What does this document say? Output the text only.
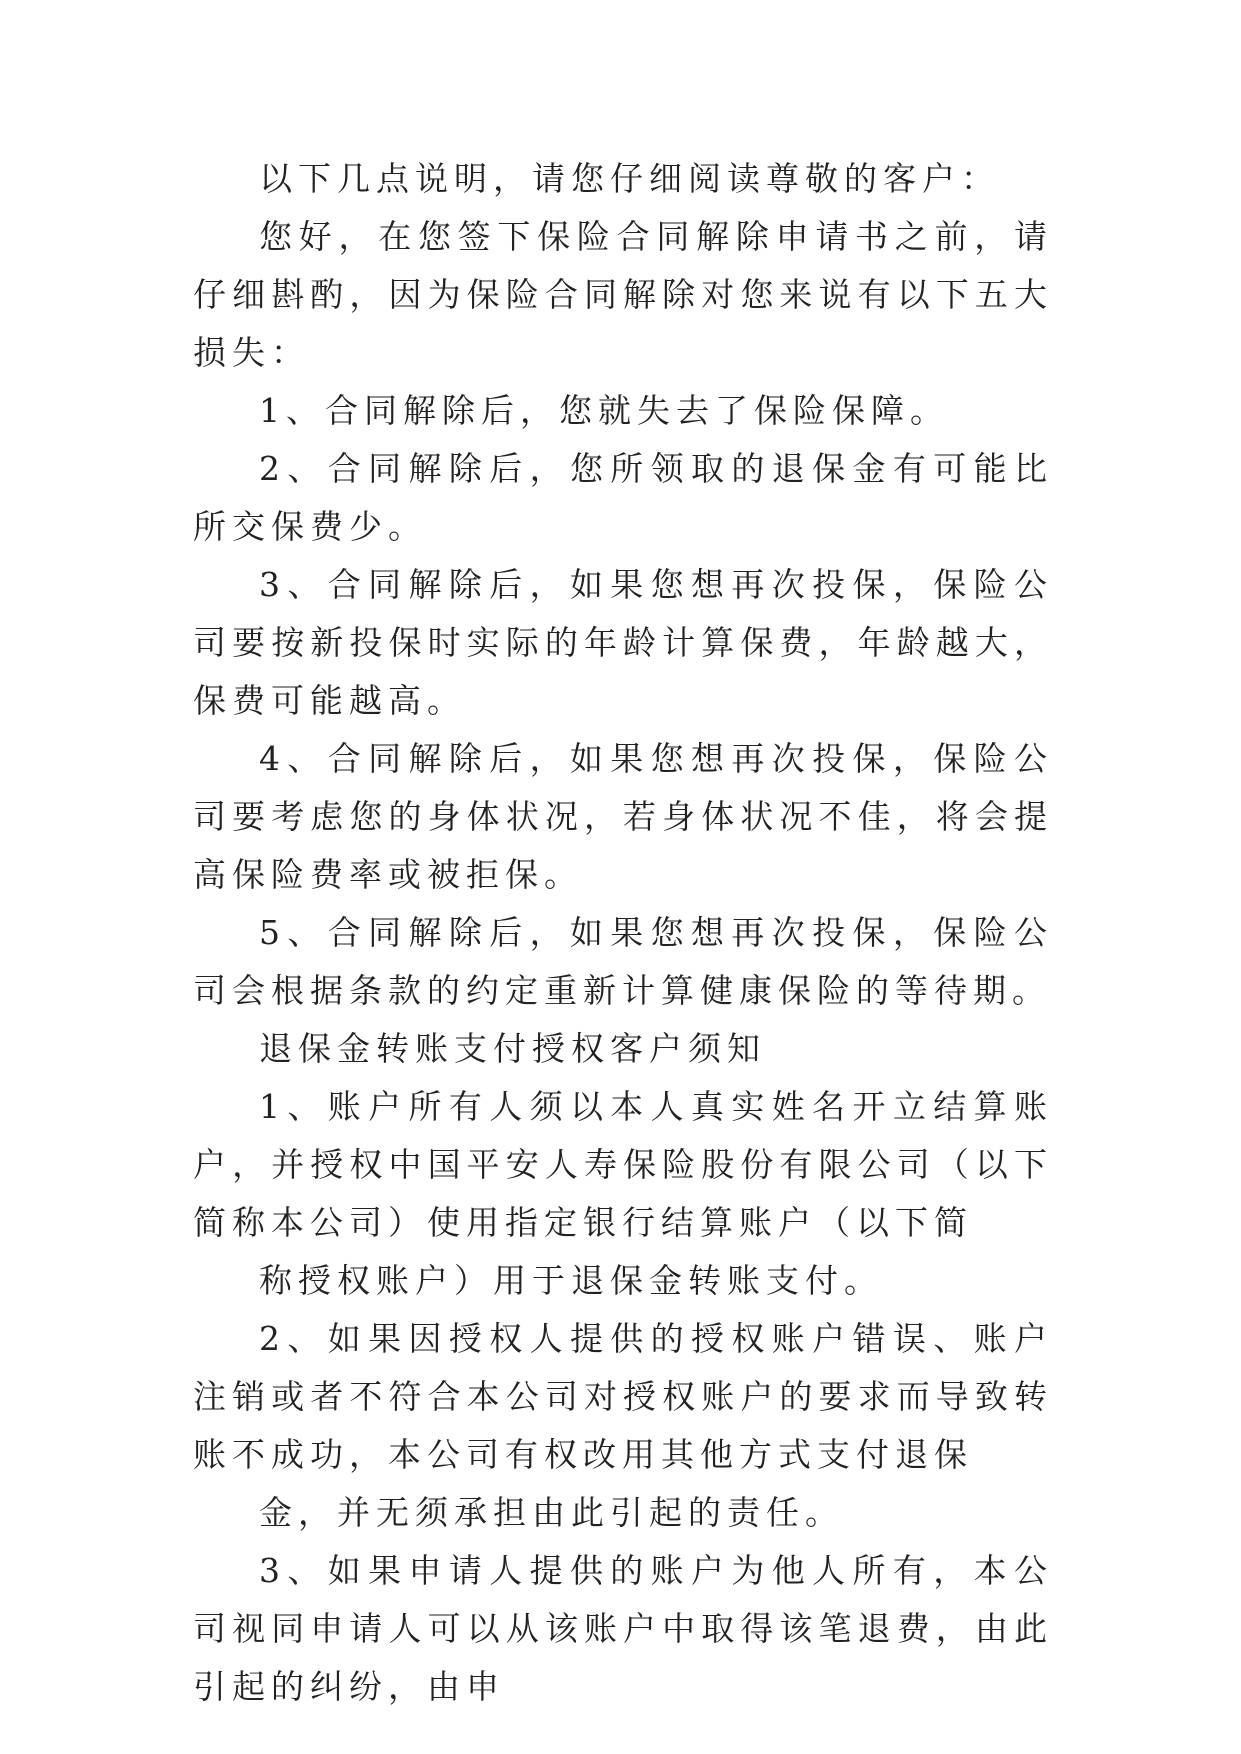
以下几点说明，请您仔细阅读尊敬的客户：

您好，在您签下保险合同解除申请书之前，请仔细斟酌，因为保险合同解除对您来说有以下五大损失：

1、合同解除后，您就失去了保险保障。

2、合同解除后，您所领取的退保金有可能比所交保费少。

3、合同解除后，如果您想再次投保，保险公司要按新投保时实际的年龄计算保费，年龄越大，保费可能越高。

4、合同解除后，如果您想再次投保，保险公司要考虑您的身体状况，若身体状况不佳，将会提高保险费率或被拒保。

5、合同解除后，如果您想再次投保，保险公司会根据条款的约定重新计算健康保险的等待期。

退保金转账支付授权客户须知

1、账户所有人须以本人真实姓名开立结算账户，并授权中国平安人寿保险股份有限公司（以下简称本公司）使用指定银行结算账户（以下简

称授权账户）用于退保金转账支付。

2、如果因授权人提供的授权账户错误、账户注销或者不符合本公司对授权账户的要求而导致转账不成功，本公司有权改用其他方式支付退保

金，并无须承担由此引起的责任。

3、如果申请人提供的账户为他人所有，本公司视同申请人可以从该账户中取得该笔退费，由此引起的纠纷，由申
